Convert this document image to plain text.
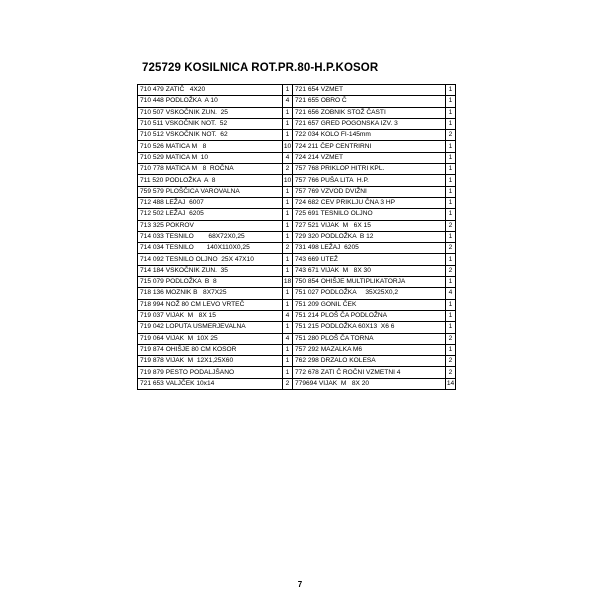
725729 KOSILNICA ROT.PR.80-H.P.KOSOR
710 479 ZATIČ   4X20	1	721 654 VZMET	1
710 448 PODLOŽKA  A 10	4	721 655 OBRO Č	1
710 507 VSKOČNIK ZUN.  25	1	721 656 ZOBNIK STOŽ ČASTI	1
710 511 VSKOČNIK NOT.  52	1	721 657 GRED POGONSKA IZV. 3	1
710 512 VSKOČNIK NOT.  62	1	722 034 KOLO FI-145mm	2
710 526 MATICA M   8	10	724 211 ČEP CENTRIRNI	1
710 529 MATICA M  10	4	724 214 VZMET	1
710 778 MATICA M   8  ROČNA	2	757 768 PRIKLOP HITRI KPL.	1
711 520 PODLOŽKA  A  8	10	757 766 PUŠA LITA  H.P.	1
759 579 PLOŠČICA VAROVALNA	1	757 769 VZVOD DVIŽNI	1
712 488 LEŽAJ  6007	1	724 682 CEV PRIKLJU ČNA 3 HP	1
712 502 LEŽAJ  6205	1	725 691 TESNILO OLJNO	1
713 325 POKROV	1	727 521 VIJAK  M   6X 15	2
714 033 TESNILO        68X72X0,25	1	729 320 PODLOŽKA  B 12	1
714 034 TESNILO       140X110X0,25	2	731 498 LEŽAJ  6205	2
714 092 TESNILO OLJNO  25X 47X10	1	743 669 UTEŽ	1
714 184 VSKOČNIK ZUN.  35	1	743 671 VIJAK  M   8X 30	2
715 079 PODLOŽKA  B  8	18	750 854 OHIŠJE MULTIPLIKATORJA	1
718 136 MOZNIK B   8X7X25	1	751 027 PODLOŽKA     35X25X0,2	4
718 994 NOŽ 80 CM LEVO VRTEČ	1	751 209 GONIL ČEK	1
719 037 VIJAK  M   8X 15	4	751 214 PLOŠ ČA PODLOŽNA	1
719 042 LOPUTA USMERJEVALNA	1	751 215 PODLOŽKA 60X13  X6 6	1
719 064 VIJAK  M  10X 25	4	751 280 PLOŠ ČA TORNA	2
719 874 OHIŠJE 80 CM KOSOR	1	757 292 MAZALKA M6	1
719 878 VIJAK  M  12X1,25X60	1	762 298 DRZALO KOLESA	2
719 879 PESTO PODALJŠANO	1	772 678 ZATI Č ROČNI VZMETNI 4	2
721 653 VALJČEK 10x14	2	779694 VIJAK  M   8X 20	14
7
